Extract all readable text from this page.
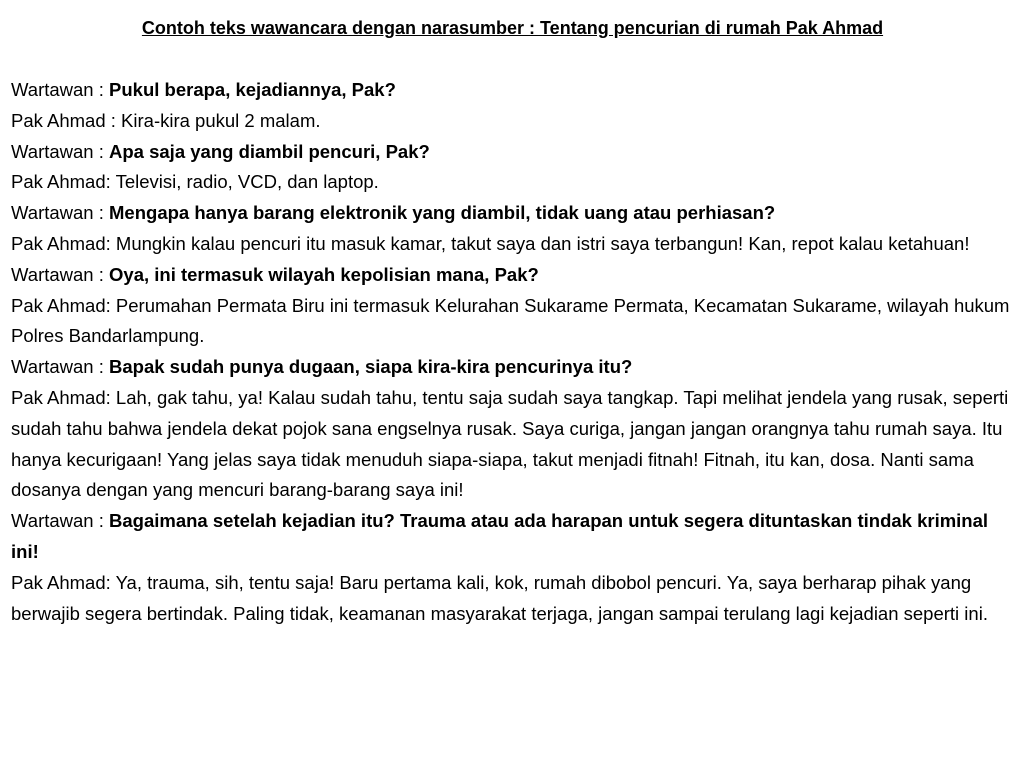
Contoh teks wawancara dengan narasumber : Tentang pencurian di rumah Pak Ahmad

Wartawan : Pukul berapa, kejadiannya, Pak?

Pak Ahmad : Kira-kira pukul 2 malam.

Wartawan : Apa saja yang diambil pencuri, Pak?

Pak Ahmad: Televisi, radio, VCD, dan laptop.

Wartawan : Mengapa hanya barang elektronik yang diambil, tidak uang atau perhiasan?

Pak Ahmad: Mungkin kalau pencuri itu masuk kamar, takut saya dan istri saya terbangun! Kan, repot kalau ketahuan!

Wartawan : Oya, ini termasuk wilayah kepolisian mana, Pak?

Pak Ahmad: Perumahan Permata Biru ini termasuk Kelurahan Sukarame Permata, Kecamatan Sukarame, wilayah hukum Polres Bandarlampung.

Wartawan : Bapak sudah punya dugaan, siapa kira-kira pencurinya itu?

Pak Ahmad: Lah, gak tahu, ya! Kalau sudah tahu, tentu saja sudah saya tangkap. Tapi melihat jendela yang rusak, seperti sudah tahu bahwa jendela dekat pojok sana engselnya rusak. Saya curiga, jangan jangan orangnya tahu rumah saya. Itu hanya kecurigaan! Yang jelas saya tidak menuduh siapa-siapa, takut menjadi fitnah! Fitnah, itu kan, dosa. Nanti sama dosanya dengan yang mencuri barang-barang saya ini!

Wartawan : Bagaimana setelah kejadian itu? Trauma atau ada harapan untuk segera dituntaskan tindak kriminal ini!

Pak Ahmad: Ya, trauma, sih, tentu saja! Baru pertama kali, kok, rumah dibobol pencuri. Ya, saya berharap pihak yang berwajib segera bertindak. Paling tidak, keamanan masyarakat terjaga, jangan sampai terulang lagi kejadian seperti ini.
